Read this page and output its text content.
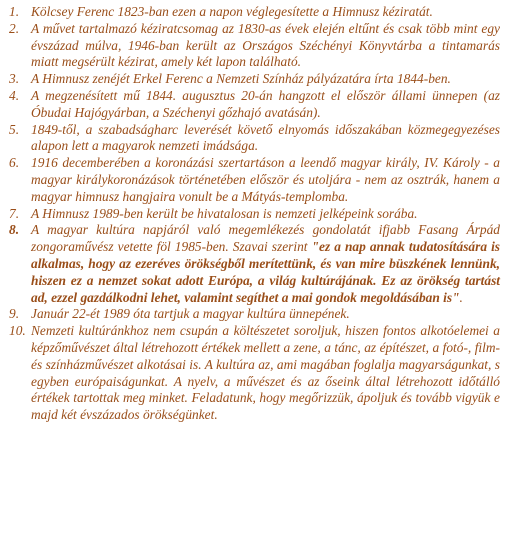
1. Kölcsey Ferenc 1823-ban ezen a napon véglegesítette a Himnusz kéziratát.
2. A művet tartalmazó kéziratcsomag az 1830-as évek elején eltűnt és csak több mint egy évszázad múlva, 1946-ban került az Országos Széchényi Könyvtárba a tintamarás miatt megsérült kézirat, amely két lapon található.
3. A Himnusz zenéjét Erkel Ferenc a Nemzeti Színház pályázatára írta 1844-ben.
4. A megzenésített mű 1844. augusztus 20-án hangzott el először állami ünnepen (az Óbudai Hajógyárban, a Széchenyi gőzhajó avatásán).
5. 1849-től, a szabadságharc leverését követő elnyomás időszakában közmegegyezéses alapon lett a magyarok nemzeti imádsága.
6. 1916 decemberében a koronázási szertartáson a leendő magyar király, IV. Károly - a magyar királykoronázások történetében először és utoljára - nem az osztrák, hanem a magyar himnusz hangjaira vonult be a Mátyás-templomba.
7. A Himnusz 1989-ben került be hivatalosan is nemzeti jelképeink sorába.
8. A magyar kultúra napjáról való megemlékezés gondolatát ifjabb Fasang Árpád zongoraművész vetette föl 1985-ben. Szavai szerint "ez a nap annak tudatosítására is alkalmas, hogy az ezeréves örökségből merítettünk, és van mire büszkének lennünk, hiszen ez a nemzet sokat adott Európa, a világ kultúrájának. Ez az örökség tartást ad, ezzel gazdálkodni lehet, valamint segíthet a mai gondok megoldásában is".
9. Január 22-ét 1989 óta tartjuk a magyar kultúra ünnepének.
10. Nemzeti kultúránkhoz nem csupán a költészetet soroljuk, hiszen fontos alkotóelemei a képzőművészet által létrehozott értékek mellett a zene, a tánc, az építészet, a fotó-, film- és színházművészet alkotásai is. A kultúra az, ami magában foglalja magyarságunkat, s egyben európaiságunkat. A nyelv, a művészet és az őseink által létrehozott időtálló értékek tartottak meg minket. Feladatunk, hogy megőrizzük, ápoljuk és tovább vigyük e majd két évszázados örökségünket.
